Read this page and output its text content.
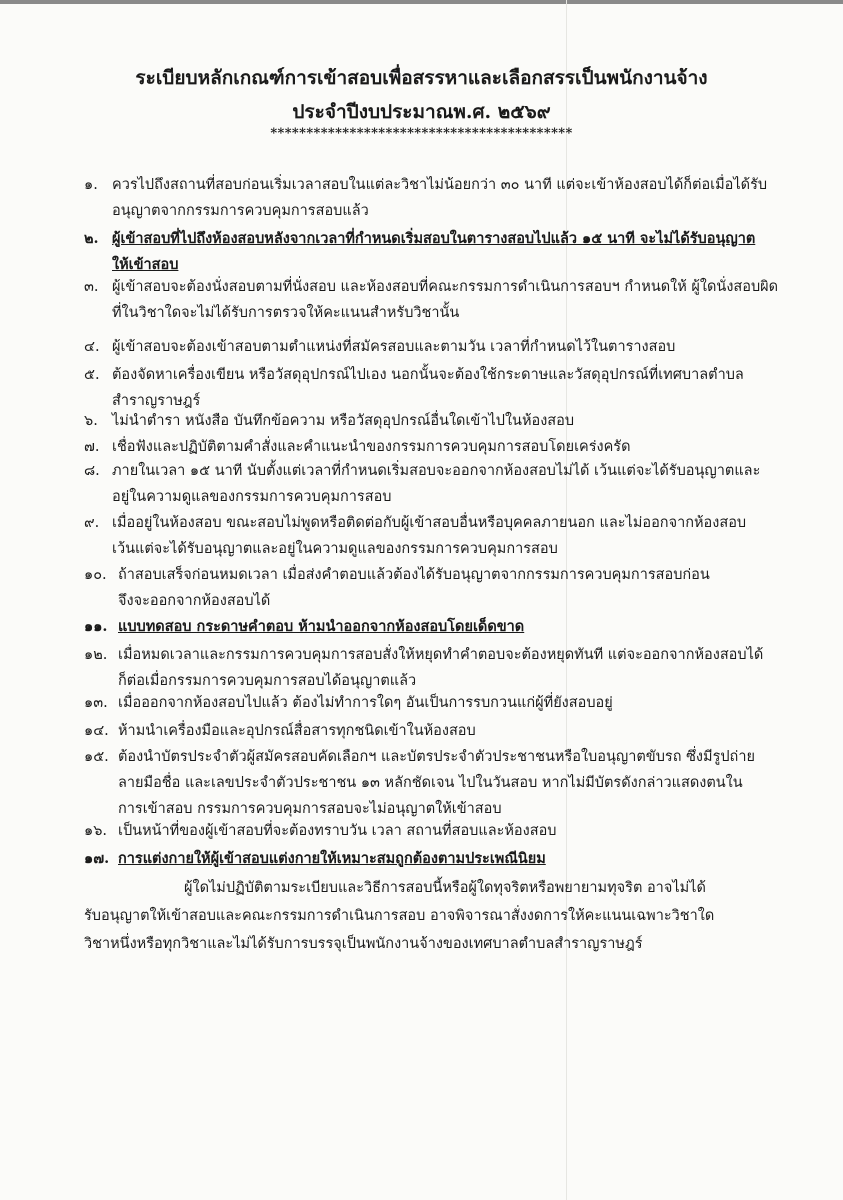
ระเบียบหลักเกณฑ์การเข้าสอบเพื่อสรรหาและเลือกสรรเป็นพนักงานจ้าง
ประจำปีงบประมาณพ.ศ. ๒๕๖๙
******************************************
๑. ควรไปถึงสถานที่สอบก่อนเริ่มเวลาสอบในแต่ละวิชาไม่น้อยกว่า ๓๐ นาที แต่จะเข้าห้องสอบได้ก็ต่อเมื่อได้รับ
อนุญาตจากกรรมการควบคุมการสอบแล้ว
๒. ผู้เข้าสอบที่ไปถึงห้องสอบหลังจากเวลาที่กำหนดเริ่มสอบในตารางสอบไปแล้ว ๑๕ นาที จะไม่ได้รับอนุญาต
ให้เข้าสอบ
๓. ผู้เข้าสอบจะต้องนั่งสอบตามที่นั่งสอบ และห้องสอบที่คณะกรรมการดำเนินการสอบฯ กำหนดให้ ผู้ใดนั่งสอบผิด
ที่ในวิชาใดจะไม่ได้รับการตรวจให้คะแนนสำหรับวิชานั้น
๔. ผู้เข้าสอบจะต้องเข้าสอบตามตำแหน่งที่สมัครสอบและตามวัน เวลาที่กำหนดไว้ในตารางสอบ
๕. ต้องจัดหาเครื่องเขียน หรือวัสดุอุปกรณ์ไปเอง นอกนั้นจะต้องใช้กระดาษและวัสดุอุปกรณ์ที่เทศบาลตำบล
สำราญราษฎร์
๖. ไม่นำตำรา หนังสือ บันทึกข้อความ หรือวัสดุอุปกรณ์อื่นใดเข้าไปในห้องสอบ
๗. เชื่อฟังและปฏิบัติตามคำสั่งและคำแนะนำของกรรมการควบคุมการสอบโดยเคร่งครัด
๘. ภายในเวลา ๑๕ นาที นับตั้งแต่เวลาที่กำหนดเริ่มสอบจะออกจากห้องสอบไม่ได้ เว้นแต่จะได้รับอนุญาตและ
อยู่ในความดูแลของกรรมการควบคุมการสอบ
๙. เมื่ออยู่ในห้องสอบ ขณะสอบไม่พูดหรือติดต่อกับผู้เข้าสอบอื่นหรือบุคคลภายนอก และไม่ออกจากห้องสอบ
เว้นแต่จะได้รับอนุญาตและอยู่ในความดูแลของกรรมการควบคุมการสอบ
๑๐. ถ้าสอบเสร็จก่อนหมดเวลา เมื่อส่งคำตอบแล้วต้องได้รับอนุญาตจากกรรมการควบคุมการสอบก่อน
จึงจะออกจากห้องสอบได้
๑๑. แบบทดสอบ กระดาษคำตอบ ห้ามนำออกจากห้องสอบโดยเด็ดขาด
๑๒. เมื่อหมดเวลาและกรรมการควบคุมการสอบสั่งให้หยุดทำคำตอบจะต้องหยุดทันที แต่จะออกจากห้องสอบได้
ก็ต่อเมื่อกรรมการควบคุมการสอบได้อนุญาตแล้ว
๑๓. เมื่อออกจากห้องสอบไปแล้ว ต้องไม่ทำการใดๆ อันเป็นการรบกวนแก่ผู้ที่ยังสอบอยู่
๑๔. ห้ามนำเครื่องมือและอุปกรณ์สื่อสารทุกชนิดเข้าในห้องสอบ
๑๕. ต้องนำบัตรประจำตัวผู้สมัครสอบคัดเลือกฯ และบัตรประจำตัวประชาชนหรือใบอนุญาตขับรถ ซึ่งมีรูปถ่าย
ลายมือชื่อ และเลขประจำตัวประชาชน ๑๓ หลักชัดเจน ไปในวันสอบ หากไม่มีบัตรดังกล่าวแสดงตนใน
การเข้าสอบ กรรมการควบคุมการสอบจะไม่อนุญาตให้เข้าสอบ
๑๖. เป็นหน้าที่ของผู้เข้าสอบที่จะต้องทราบวัน เวลา สถานที่สอบและห้องสอบ
๑๗. การแต่งกายให้ผู้เข้าสอบแต่งกายให้เหมาะสมถูกต้องตามประเพณีนิยม
ผู้ใดไม่ปฏิบัติตามระเบียบและวิธีการสอบนี้หรือผู้ใดทุจริตหรือพยายามทุจริต อาจไม่ได้
รับอนุญาตให้เข้าสอบและคณะกรรมการดำเนินการสอบ อาจพิจารณาสั่งงดการให้คะแนนเฉพาะวิชาใด
วิชาหนึ่งหรือทุกวิชาและไม่ได้รับการบรรจุเป็นพนักงานจ้างของเทศบาลตำบลสำราญราษฎร์
